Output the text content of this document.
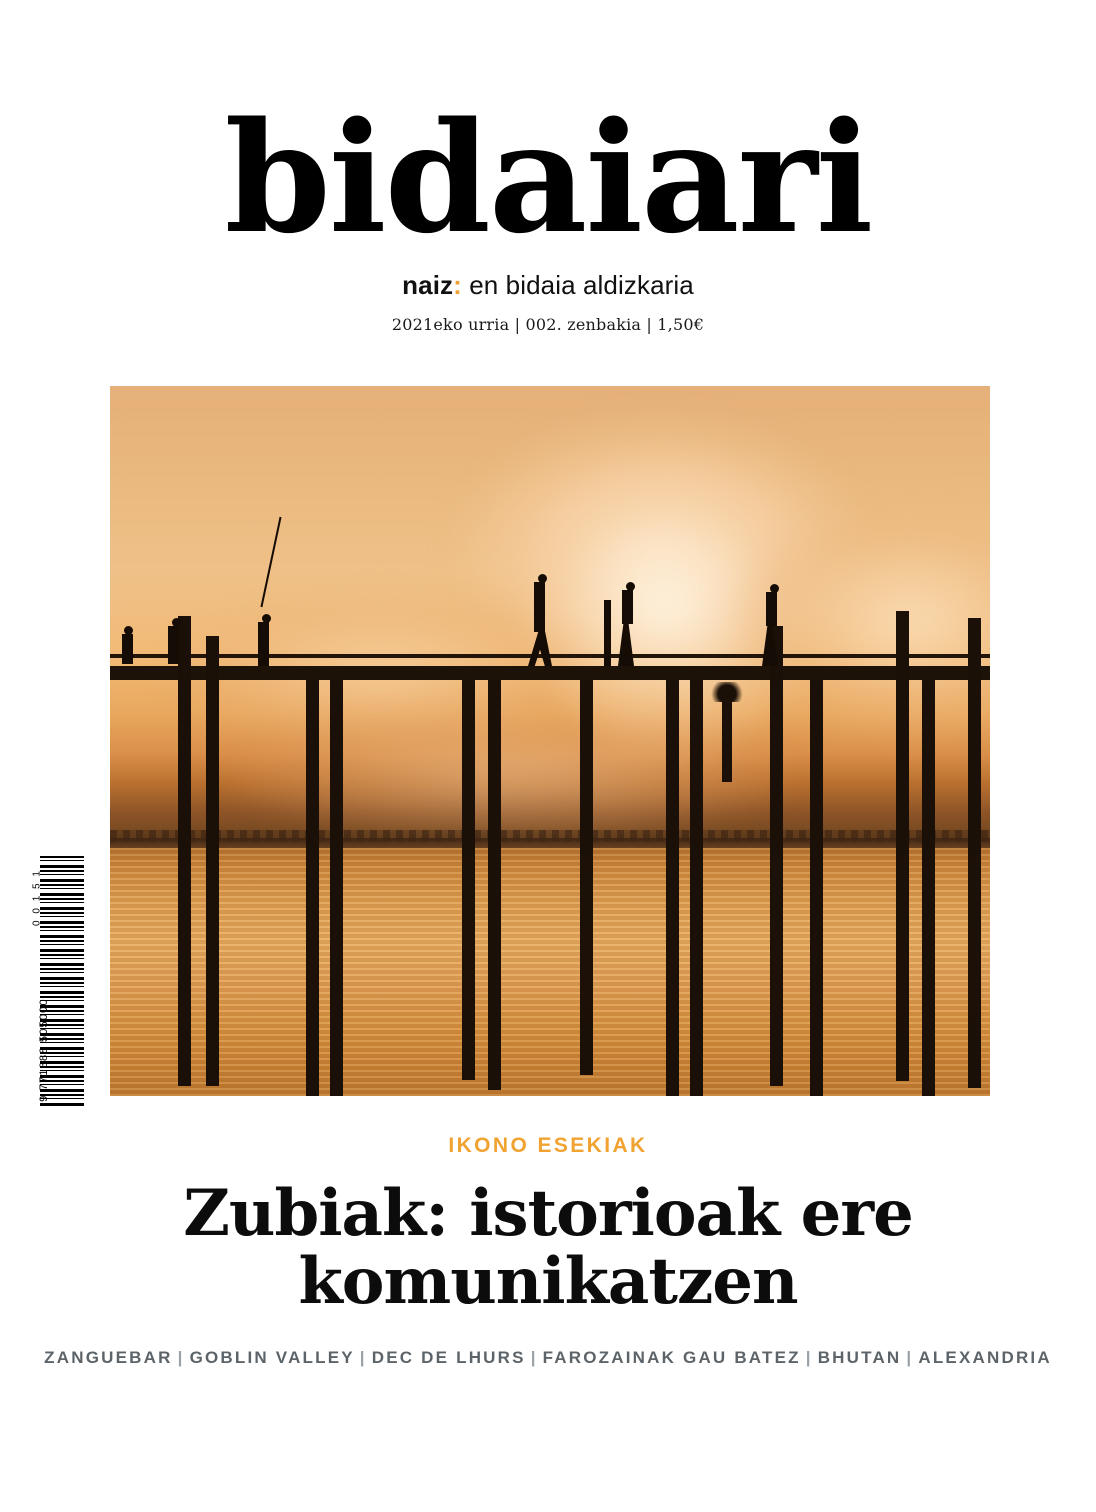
bidaiari
naiz: en bidaia aldizkaria
2021eko urria | 002. zenbakia | 1,50€
0 0 1 5 1
9 771888 505000
IKONO ESEKIAK
Zubiak: istorioak ere
komunikatzen
ZANGUEBAR | GOBLIN VALLEY | DEC DE LHURS | FAROZAINAK GAU BATEZ | BHUTAN | ALEXANDRIA
